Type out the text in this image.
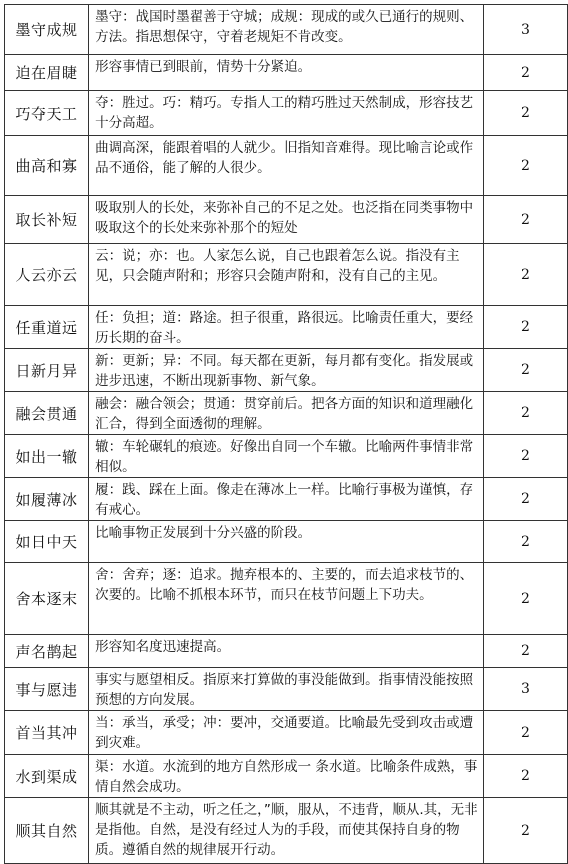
墨守成规	墨守：战国时墨翟善于守城；成规：现成的或久已通行的规则、方法。指思想保守，守着老规矩不肯改变。	3
迫在眉睫	形容事情已到眼前，情势十分紧迫。	2
巧夺天工	夺：胜过。巧：精巧。专指人工的精巧胜过天然制成，形容技艺十分高超。	2
曲高和寡	曲调高深，能跟着唱的人就少。旧指知音难得。现比喻言论或作品不通俗，能了解的人很少。	2
取长补短	吸取别人的长处，来弥补自己的不足之处。也泛指在同类事物中吸取这个的长处来弥补那个的短处	2
人云亦云	云：说；亦：也。人家怎么说，自己也跟着怎么说。指没有主见，只会随声附和；形容只会随声附和，没有自己的主见。	2
任重道远	任：负担；道：路途。担子很重，路很远。比喻责任重大，要经历长期的奋斗。	2
日新月异	新：更新；异：不同。每天都在更新，每月都有变化。指发展或进步迅速，不断出现新事物、新气象。	2
融会贯通	融会：融合领会；贯通：贯穿前后。把各方面的知识和道理融化汇合，得到全面透彻的理解。	2
如出一辙	辙：车轮碾轧的痕迹。好像出自同一个车辙。比喻两件事情非常相似。	2
如履薄冰	履：践、踩在上面。像走在薄冰上一样。比喻行事极为谨慎，存有戒心。	2
如日中天	比喻事物正发展到十分兴盛的阶段。	2
舍本逐末	舍：舍弃；逐：追求。抛弃根本的、主要的，而去追求枝节的、次要的。比喻不抓根本环节，而只在枝节问题上下功夫。	2
声名鹊起	形容知名度迅速提高。	2
事与愿违	事实与愿望相反。指原来打算做的事没能做到。指事情没能按照预想的方向发展。	3
首当其冲	当：承当，承受；冲：要冲，交通要道。比喻最先受到攻击或遭到灾难。	2
水到渠成	渠：水道。水流到的地方自然形成一 条水道。比喻条件成熟，事情自然会成功。	2
顺其自然	顺其就是不主动，听之任之，”顺，服从，不违背，顺从.其，无非是指他。自然，是没有经过人为的手段，而使其保持自身的物质。遵循自然的规律展开行动。	2
